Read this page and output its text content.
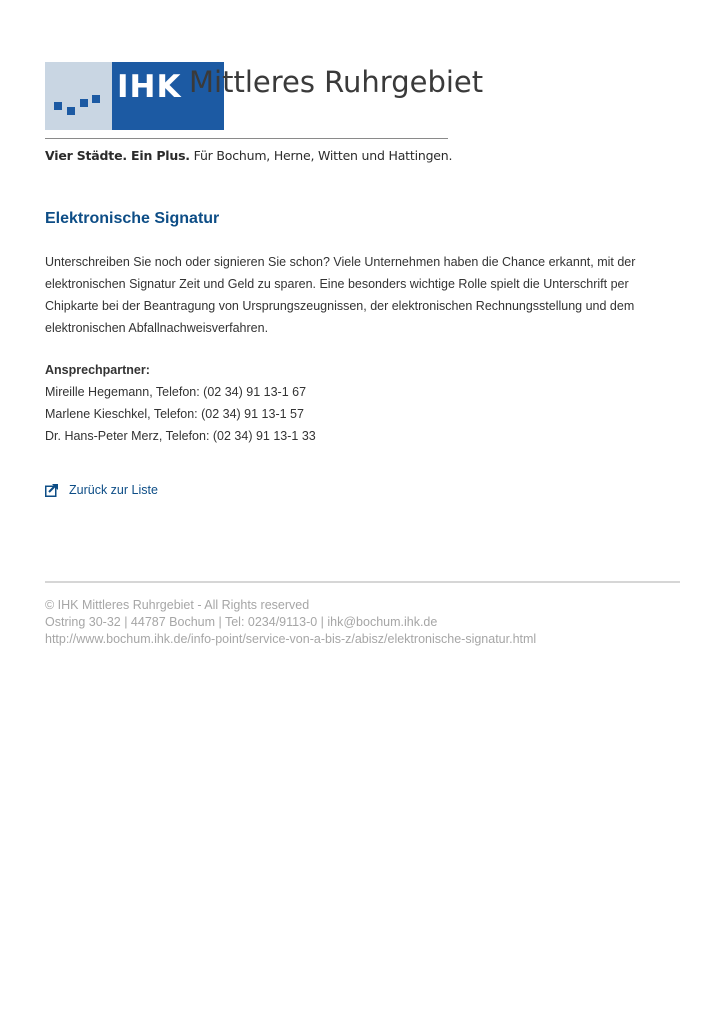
IHK Mittleres Ruhrgebiet
Vier Städte. Ein Plus. Für Bochum, Herne, Witten und Hattingen.
Elektronische Signatur

Unterschreiben Sie noch oder signieren Sie schon? Viele Unternehmen haben die Chance erkannt, mit der elektronischen Signatur Zeit und Geld zu sparen. Eine besonders wichtige Rolle spielt die Unterschrift per Chipkarte bei der Beantragung von Ursprungszeugnissen, der elektronischen Rechnungsstellung und dem elektronischen Abfallnachweisverfahren.

Ansprechpartner:
Mireille Hegemann, Telefon: (02 34) 91 13-1 67
Marlene Kieschkel, Telefon: (02 34) 91 13-1 57
Dr. Hans-Peter Merz, Telefon: (02 34) 91 13-1 33
Zurück zur Liste
© IHK Mittleres Ruhrgebiet - All Rights reserved
Ostring 30-32 | 44787 Bochum | Tel: 0234/9113-0 | ihk@bochum.ihk.de
http://www.bochum.ihk.de/info-point/service-von-a-bis-z/abisz/elektronische-signatur.html
